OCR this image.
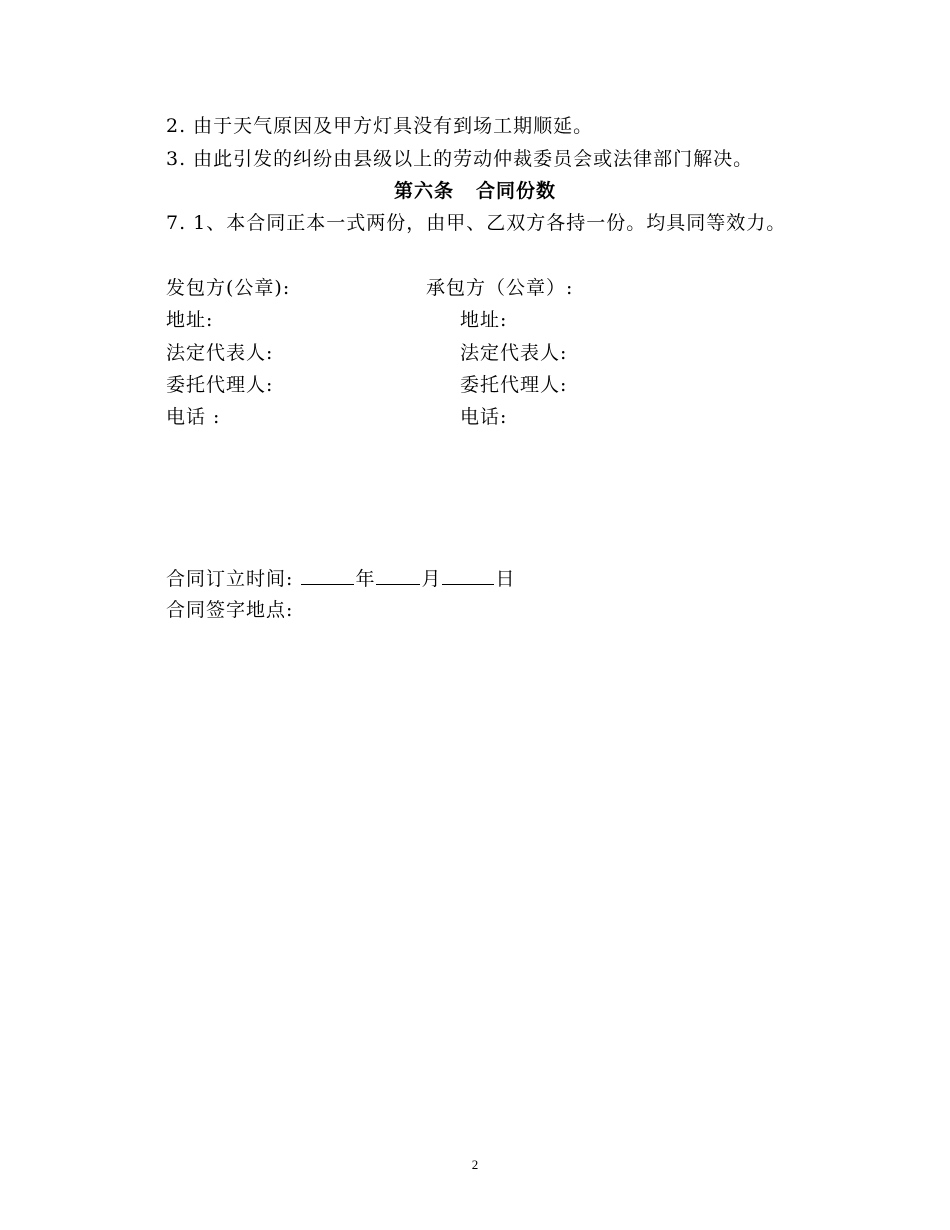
2. 由于天气原因及甲方灯具没有到场工期顺延。
3. 由此引发的纠纷由县级以上的劳动仲裁委员会或法律部门解决。
第六条 合同份数
7. 1、本合同正本一式两份，由甲、乙双方各持一份。均具同等效力。
发包方(公章):	承包方（公章）:
地址:	地址:
法定代表人:	法定代表人:
委托代理人:	委托代理人:
电话 :	电话:
合同订立时间:	年 月	日
合同签字地点:
2
